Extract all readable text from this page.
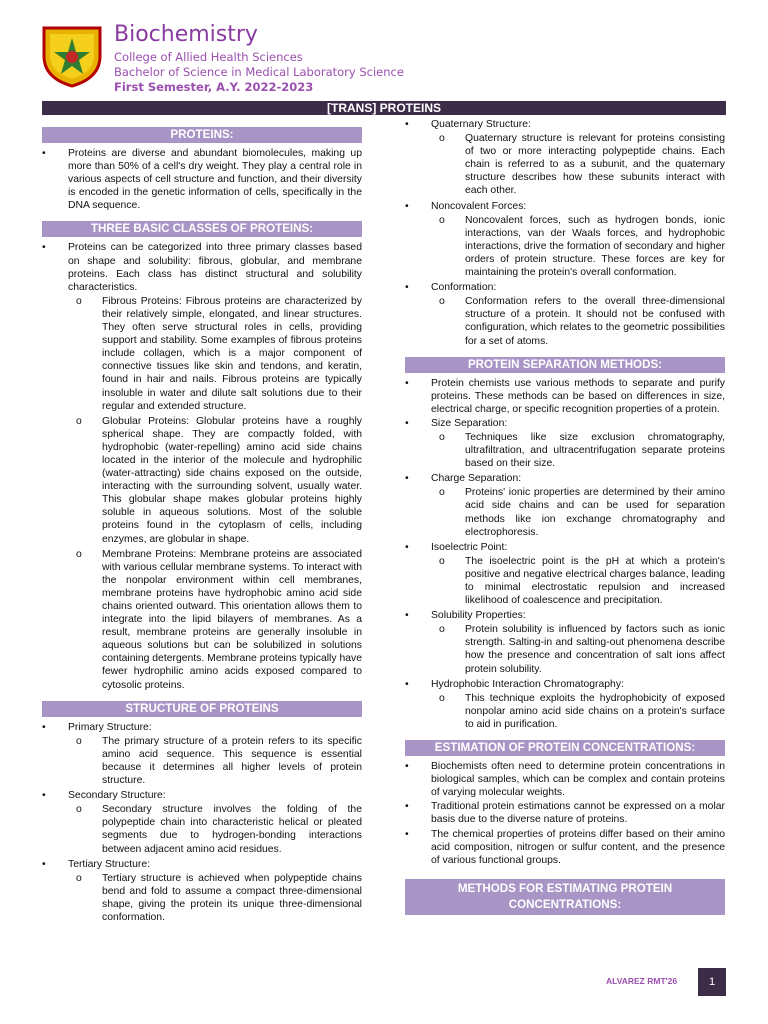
Biochemistry
College of Allied Health Sciences
Bachelor of Science in Medical Laboratory Science
First Semester, A.Y. 2022-2023
[TRANS] PROTEINS
PROTEINS:
• Proteins are diverse and abundant biomolecules, making up more than 50% of a cell's dry weight. They play a central role in various aspects of cell structure and function, and their diversity is encoded in the genetic information of cells, specifically in the DNA sequence.
THREE BASIC CLASSES OF PROTEINS:
• Proteins can be categorized into three primary classes based on shape and solubility: fibrous, globular, and membrane proteins. Each class has distinct structural and solubility characteristics.
o Fibrous Proteins: Fibrous proteins are characterized by their relatively simple, elongated, and linear structures. They often serve structural roles in cells, providing support and stability. Some examples of fibrous proteins include collagen, which is a major component of connective tissues like skin and tendons, and keratin, found in hair and nails. Fibrous proteins are typically insoluble in water and dilute salt solutions due to their regular and extended structure.
o Globular Proteins: Globular proteins have a roughly spherical shape. They are compactly folded, with hydrophobic (water-repelling) amino acid side chains located in the interior of the molecule and hydrophilic (water-attracting) side chains exposed on the outside, interacting with the surrounding solvent, usually water. This globular shape makes globular proteins highly soluble in aqueous solutions. Most of the soluble proteins found in the cytoplasm of cells, including enzymes, are globular in shape.
o Membrane Proteins: Membrane proteins are associated with various cellular membrane systems. To interact with the nonpolar environment within cell membranes, membrane proteins have hydrophobic amino acid side chains oriented outward. This orientation allows them to integrate into the lipid bilayers of membranes. As a result, membrane proteins are generally insoluble in aqueous solutions but can be solubilized in solutions containing detergents. Membrane proteins typically have fewer hydrophilic amino acids exposed compared to cytosolic proteins.
STRUCTURE OF PROTEINS
• Primary Structure:
o The primary structure of a protein refers to its specific amino acid sequence. This sequence is essential because it determines all higher levels of protein structure.
• Secondary Structure:
o Secondary structure involves the folding of the polypeptide chain into characteristic helical or pleated segments due to hydrogen-bonding interactions between adjacent amino acid residues.
• Tertiary Structure:
o Tertiary structure is achieved when polypeptide chains bend and fold to assume a compact three-dimensional shape, giving the protein its unique three-dimensional conformation.
• Quaternary Structure:
o Quaternary structure is relevant for proteins consisting of two or more interacting polypeptide chains. Each chain is referred to as a subunit, and the quaternary structure describes how these subunits interact with each other.
• Noncovalent Forces:
o Noncovalent forces, such as hydrogen bonds, ionic interactions, van der Waals forces, and hydrophobic interactions, drive the formation of secondary and higher orders of protein structure. These forces are key for maintaining the protein's overall conformation.
• Conformation:
o Conformation refers to the overall three-dimensional structure of a protein. It should not be confused with configuration, which relates to the geometric possibilities for a set of atoms.
PROTEIN SEPARATION METHODS:
• Protein chemists use various methods to separate and purify proteins. These methods can be based on differences in size, electrical charge, or specific recognition properties of a protein.
• Size Separation:
o Techniques like size exclusion chromatography, ultrafiltration, and ultracentrifugation separate proteins based on their size.
• Charge Separation:
o Proteins' ionic properties are determined by their amino acid side chains and can be used for separation methods like ion exchange chromatography and electrophoresis.
• Isoelectric Point:
o The isoelectric point is the pH at which a protein's positive and negative electrical charges balance, leading to minimal electrostatic repulsion and increased likelihood of coalescence and precipitation.
• Solubility Properties:
o Protein solubility is influenced by factors such as ionic strength. Salting-in and salting-out phenomena describe how the presence and concentration of salt ions affect protein solubility.
• Hydrophobic Interaction Chromatography:
o This technique exploits the hydrophobicity of exposed nonpolar amino acid side chains on a protein's surface to aid in purification.
ESTIMATION OF PROTEIN CONCENTRATIONS:
• Biochemists often need to determine protein concentrations in biological samples, which can be complex and contain proteins of varying molecular weights.
• Traditional protein estimations cannot be expressed on a molar basis due to the diverse nature of proteins.
• The chemical properties of proteins differ based on their amino acid composition, nitrogen or sulfur content, and the presence of various functional groups.
METHODS FOR ESTIMATING PROTEIN CONCENTRATIONS:
ALVAREZ RMT'26	1
